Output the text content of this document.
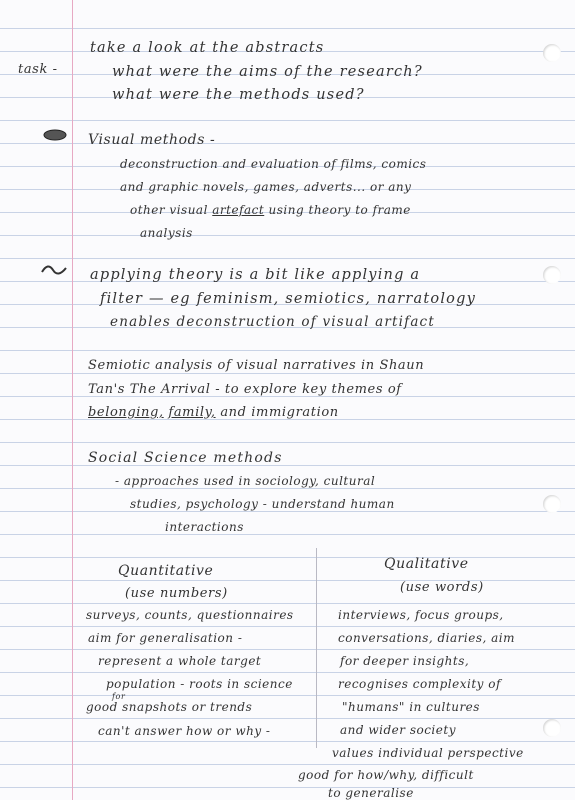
task -
take a look at the abstracts
what were the aims of the research?
what were the methods used?
Visual methods -
deconstruction and evaluation of films, comics
and graphic novels, games, adverts... or any
other visual artefact using theory to frame
analysis
applying theory is a bit like applying a
filter — eg feminism, semiotics, narratology
enables deconstruction of visual artifact
Semiotic analysis of visual narratives in Shaun
Tan's The Arrival - to explore key themes of
belonging, family, and immigration
Social Science methods
- approaches used in sociology, cultural
studies, psychology - understand human
interactions
Quantitative
(use numbers)
surveys, counts, questionnaires
aim for generalisation -
represent a whole target
population - roots in science
for
good snapshots or trends
can't answer how or why -
Qualitative
(use words)
interviews, focus groups,
conversations, diaries, aim
for deeper insights,
recognises complexity of
"humans" in cultures
and wider society
values individual perspective
good for how/why, difficult
to generalise
